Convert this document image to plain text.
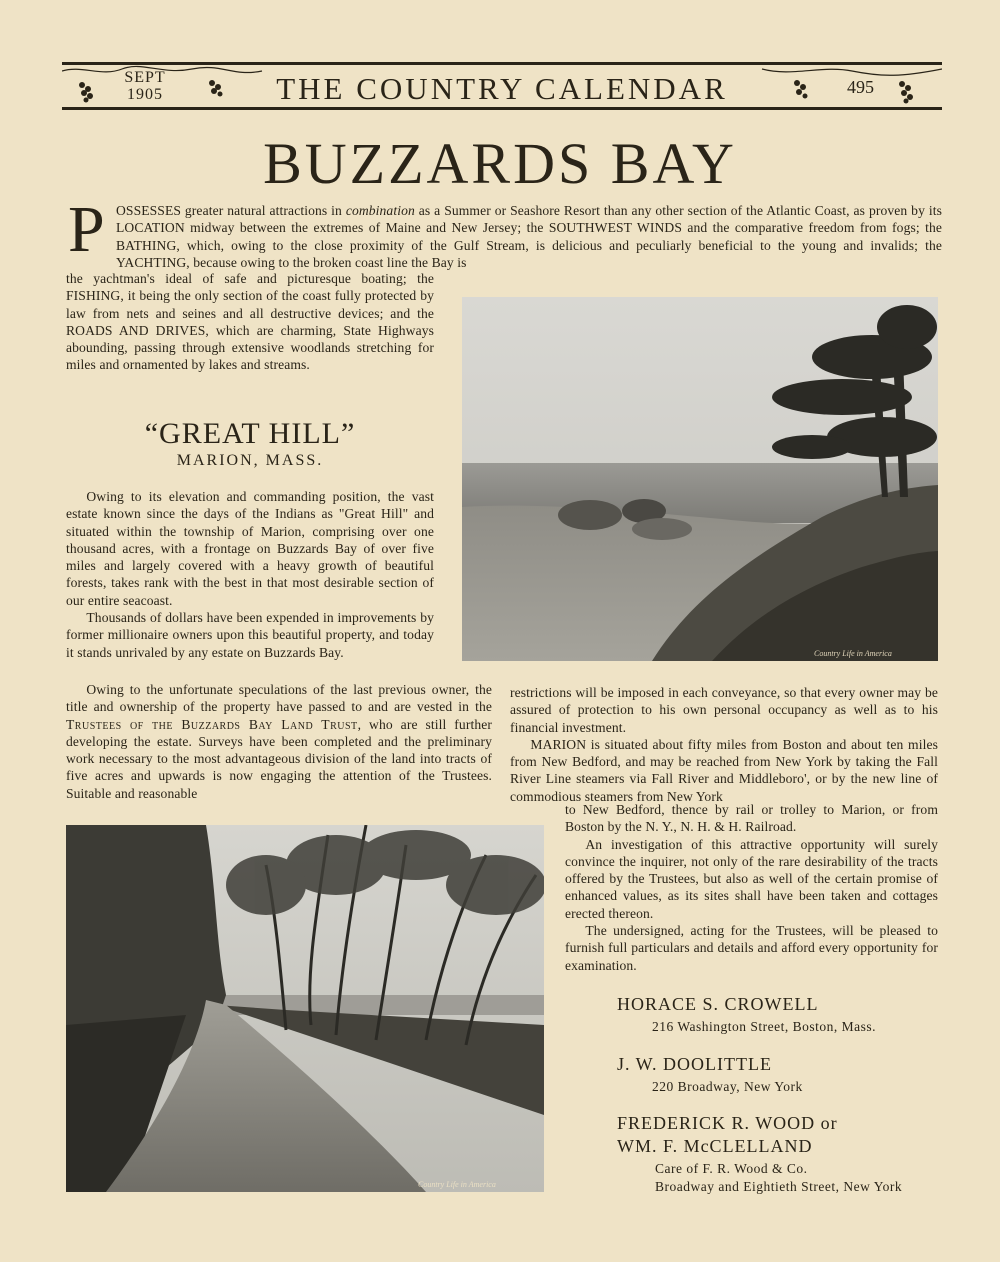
SEPT
1905	THE COUNTRY CALENDAR	495
BUZZARDS BAY
P OSSESSES greater natural attractions in combination as a Summer or Seashore Resort than any other section of the Atlantic Coast, as proven by its LOCATION midway between the extremes of Maine and New Jersey; the SOUTHWEST WINDS and the comparative freedom from fogs; the BATHING, which, owing to the close proximity of the Gulf Stream, is delicious and peculiarly beneficial to the young and invalids; the YACHTING, because owing to the broken coast line the Bay is
the yachtman's ideal of safe and picturesque boating; the FISHING, it being the only section of the coast fully protected by law from nets and seines and all destructive devices; and the ROADS AND DRIVES, which are charming, State Highways abounding, passing through extensive woodlands stretching for miles and ornamented by lakes and streams.
Country Life in America
“GREAT HILL”
MARION, MASS.
Owing to its elevation and commanding position, the vast estate known since the days of the Indians as "Great Hill" and situated within the township of Marion, comprising over one thousand acres, with a frontage on Buzzards Bay of over five miles and largely covered with a heavy growth of beautiful forests, takes rank with the best in that most desirable section of our entire seacoast.
Thousands of dollars have been expended in improvements by former millionaire owners upon this beautiful property, and today it stands unrivaled by any estate on Buzzards Bay.
Owing to the unfortunate speculations of the last previous owner, the title and ownership of the property have passed to and are vested in the Trustees of the Buzzards Bay Land Trust, who are still further developing the estate. Surveys have been completed and the preliminary work necessary to the most advantageous division of the land into tracts of five acres and upwards is now engaging the attention of the Trustees. Suitable and reasonable
restrictions will be imposed in each conveyance, so that every owner may be assured of protection to his own personal occupancy as well as to his financial investment.
MARION is situated about fifty miles from Boston and about ten miles from New Bedford, and may be reached from New York by taking the Fall River Line steamers via Fall River and Middleboro', or by the new line of commodious steamers from New York
to New Bedford, thence by rail or trolley to Marion, or from Boston by the N. Y., N. H. & H. Railroad.
An investigation of this attractive opportunity will surely convince the inquirer, not only of the rare desirability of the tracts offered by the Trustees, but also as well of the certain promise of enhanced values, as its sites shall have been taken and cottages erected thereon.
The undersigned, acting for the Trustees, will be pleased to furnish full particulars and details and afford every opportunity for examination.
Country Life in America
HORACE S. CROWELL
216 Washington Street, Boston, Mass.
J. W. DOOLITTLE
220 Broadway, New York
FREDERICK R. WOOD or
WM. F. McCLELLAND
Care of F. R. Wood & Co.
Broadway and Eightieth Street, New York
